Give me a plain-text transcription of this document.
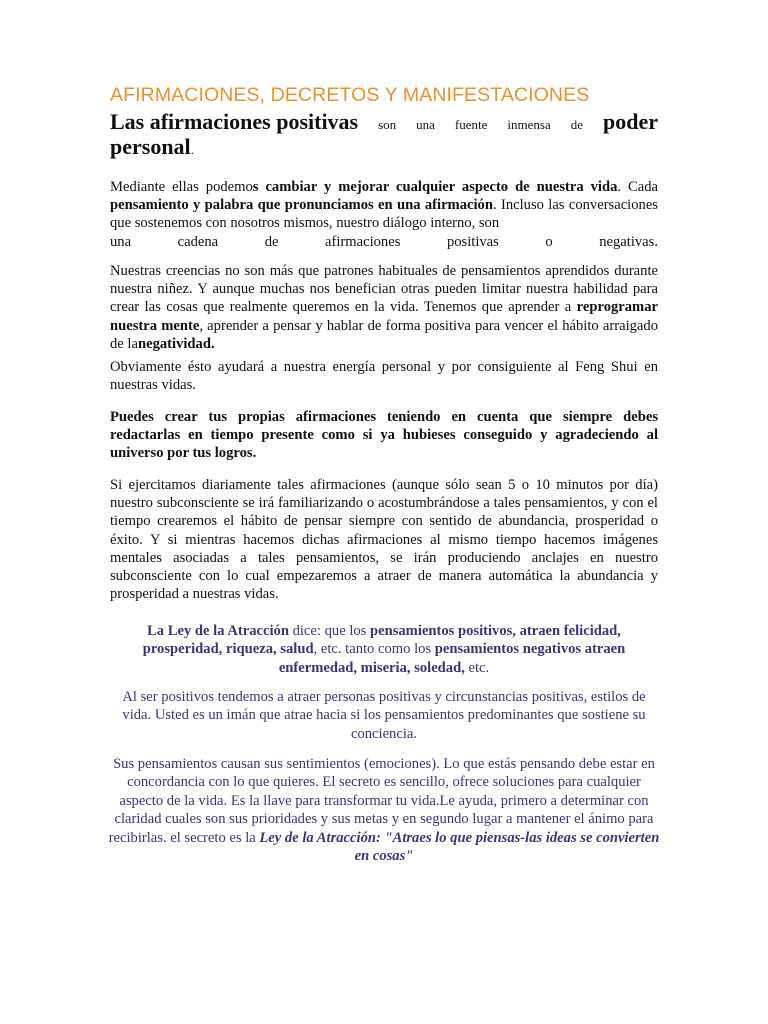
AFIRMACIONES, DECRETOS Y MANIFESTACIONES
Las afirmaciones positivas son una fuente inmensa de poder
personal.

Mediante ellas podemos cambiar y mejorar cualquier aspecto de nuestra vida. Cada pensamiento y palabra que pronunciamos en una afirmación. Incluso las conversaciones que sostenemos con nosotros mismos, nuestro diálogo interno, son
una	cadena	de	afirmaciones	positivas	o	negativas.

Nuestras creencias no son más que patrones habituales de pensamientos aprendidos durante nuestra niñez. Y aunque muchas nos benefician otras pueden limitar nuestra habilidad para crear las cosas que realmente queremos en la vida. Tenemos que aprender a reprogramar nuestra mente, aprender a pensar y hablar de forma positiva para vencer el hábito arraigado de lanegatividad.

Obviamente ésto ayudará a nuestra energía personal y por consiguiente al Feng Shui en nuestras vidas.

Puedes crear tus propias afirmaciones teniendo en cuenta que siempre debes redactarlas en tiempo presente como si ya hubieses conseguido y agradeciendo al universo por tus logros.

Si ejercitamos diariamente tales afirmaciones (aunque sólo sean 5 o 10 minutos por día) nuestro subconsciente se irá familiarizando o acostumbrándose a tales pensamientos, y con el tiempo crearemos el hábito de pensar siempre con sentido de abundancia, prosperidad o éxito. Y si mientras hacemos dichas afirmaciones al mismo tiempo hacemos imágenes mentales asociadas a tales pensamientos, se irán produciendo anclajes en nuestro subconsciente con lo cual empezaremos a atraer de manera automática la abundancia y prosperidad a nuestras vidas.

La Ley de la Atracción dice: que los pensamientos positivos, atraen felicidad, prosperidad, riqueza, salud, etc. tanto como los pensamientos negativos atraen enfermedad, miseria, soledad, etc.

Al ser positivos tendemos a atraer personas positivas y circunstancias positivas, estilos de vida. Usted es un imán que atrae hacia si los pensamientos predominantes que sostiene su conciencia.

Sus pensamientos causan sus sentimientos (emociones). Lo que estás pensando debe estar en concordancia con lo que quieres. El secreto es sencillo, ofrece soluciones para cualquier aspecto de la vida. Es la llave para transformar tu vida.Le ayuda, primero a determinar con claridad cuales son sus prioridades y sus metas y en segundo lugar a mantener el ánimo para recibirlas. el secreto es la Ley de la Atracción: "Atraes lo que piensas-las ideas se convierten en cosas"
